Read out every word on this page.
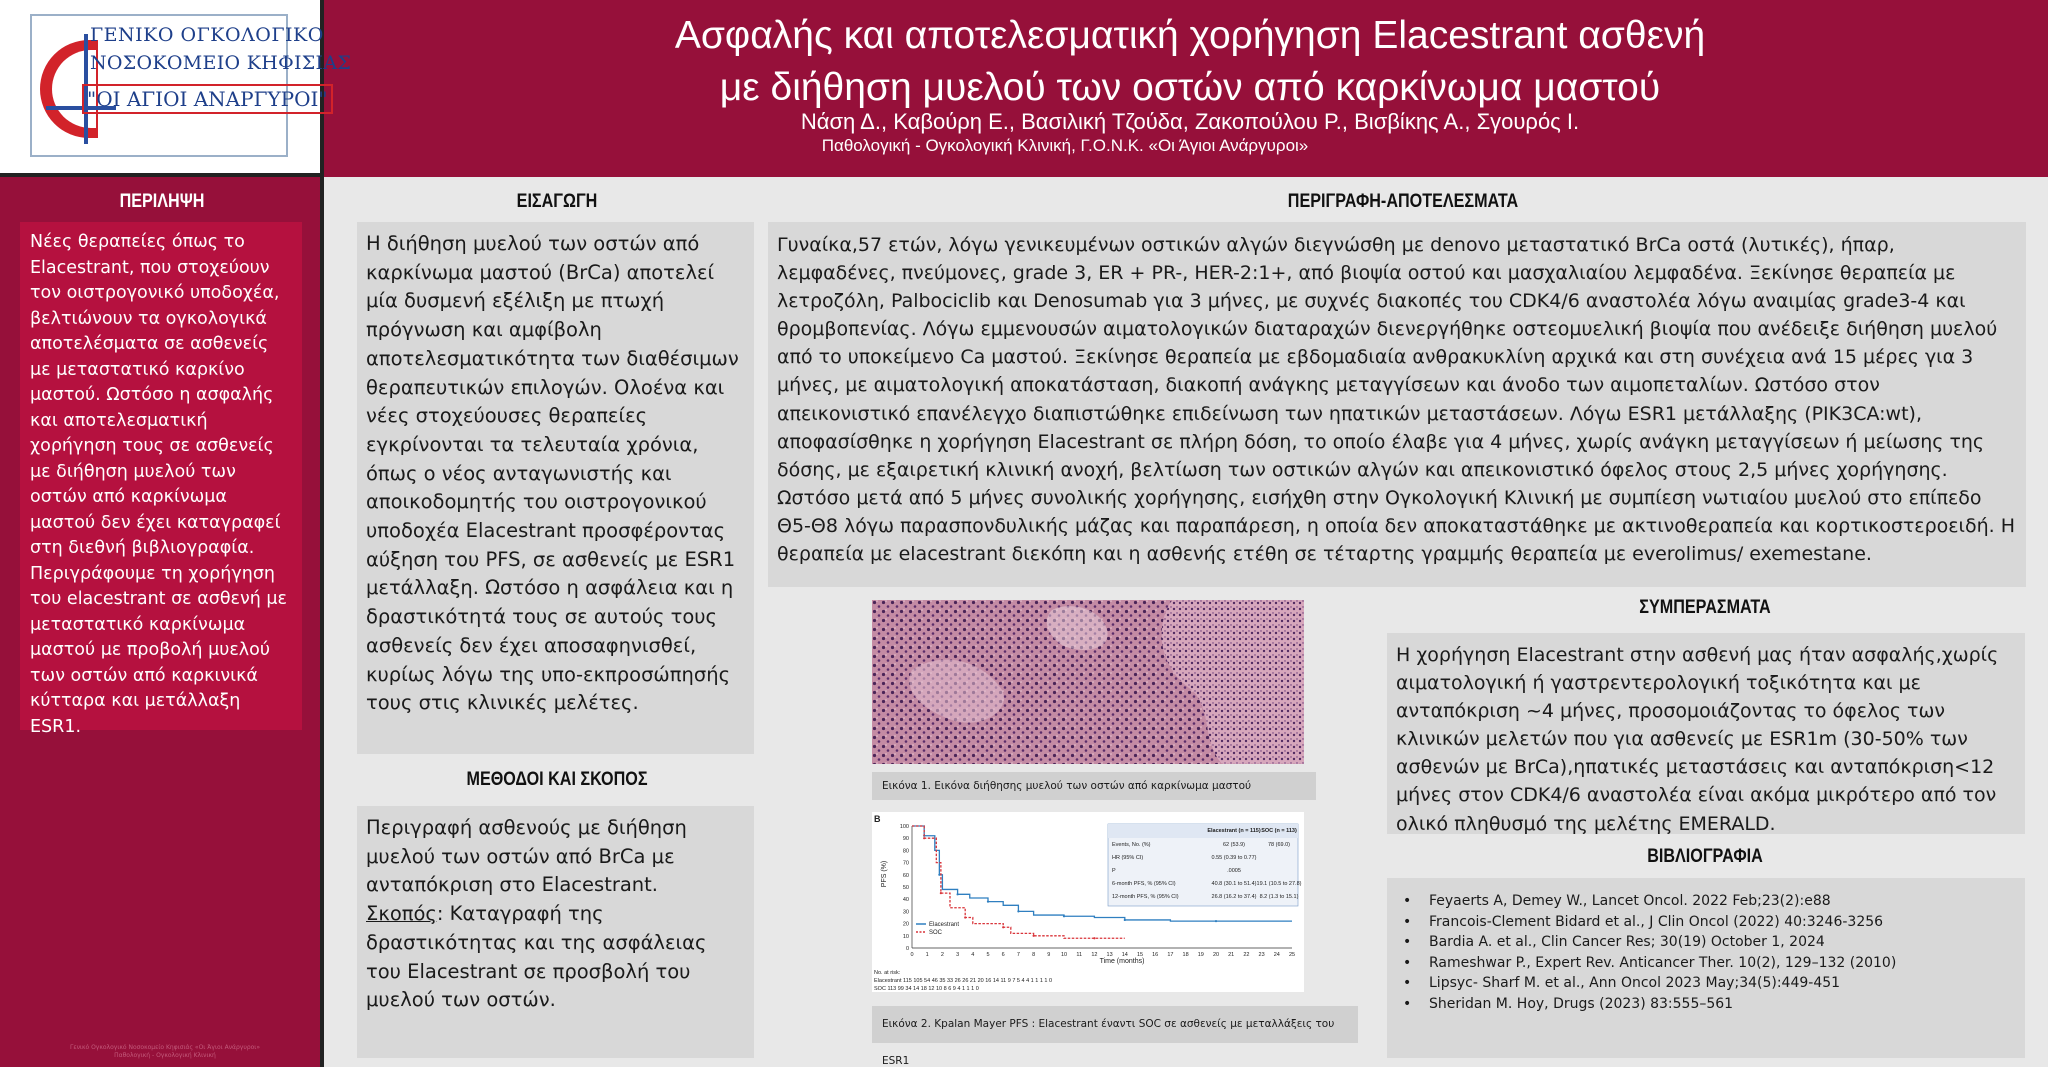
ΓΕΝΙΚΟ ΟΓΚΟΛΟΓΙΚΟ
ΝΟΣΟΚΟΜΕΙΟ ΚΗΦΙΣΙΑΣ
"ΟΙ ΑΓΙΟΙ ΑΝΑΡΓΥΡΟΙ"
Ασφαλής και αποτελεσματική χορήγηση Elacestrant ασθενή
με διήθηση μυελού των οστών από καρκίνωμα μαστού
Νάση Δ., Καβούρη Ε., Βασιλική Τζούδα, Ζακοπούλου Ρ., Βισβίκης Α., Σγουρός Ι.
Παθολογική - Ογκολογική Κλινική, Γ.Ο.Ν.Κ. «Οι Άγιοι Ανάργυροι»
ΠΕΡΙΛΗΨΗ
Νέες θεραπείες όπως το Elacestrant, που στοχεύουν τον οιστρογονικό υποδοχέα, βελτιώνουν τα ογκολογικά αποτελέσματα σε ασθενείς με μεταστατικό καρκίνο μαστού. Ωστόσο η ασφαλής και αποτελεσματική χορήγηση τους σε ασθενείς με διήθηση μυελού των οστών από καρκίνωμα μαστού δεν έχει καταγραφεί στη διεθνή βιβλιογραφία. Περιγράφουμε τη χορήγηση του elacestrant σε ασθενή με μεταστατικό καρκίνωμα μαστού με προβολή μυελού των οστών από καρκινικά κύτταρα και μετάλλαξη ESR1.
Γενικό Ογκολογικό Νοσοκομείο Κηφισιάς «Οι Άγιοι Ανάργυροι»
Παθολογική - Ογκολογική Κλινική
ΕΙΣΑΓΩΓΗ
Η διήθηση μυελού των οστών από καρκίνωμα μαστού (BrCa) αποτελεί μία δυσμενή εξέλιξη με πτωχή πρόγνωση και αμφίβολη αποτελεσματικότητα των διαθέσιμων θεραπευτικών επιλογών. Ολοένα και νέες στοχεύουσες θεραπείες εγκρίνονται τα τελευταία χρόνια, όπως ο νέος ανταγωνιστής και αποικοδομητής του οιστρογονικού υποδοχέα Elacestrant προσφέροντας αύξηση του PFS, σε ασθενείς με ESR1 μετάλλαξη. Ωστόσο η ασφάλεια και η δραστικότητά τους σε αυτούς τους ασθενείς δεν έχει αποσαφηνισθεί, κυρίως λόγω της υπο-εκπροσώπησής τους στις κλινικές μελέτες.
ΜΕΘΟΔΟΙ ΚΑΙ ΣΚΟΠΟΣ
Περιγραφή ασθενούς με διήθηση μυελού των οστών από BrCa με ανταπόκριση στο Elacestrant.
Σκοπός: Καταγραφή της δραστικότητας και της ασφάλειας του Elacestrant σε προσβολή του μυελού των οστών.
ΠΕΡΙΓΡΑΦΗ-ΑΠΟΤΕΛΕΣΜΑΤΑ
Γυναίκα,57 ετών, λόγω γενικευμένων οστικών αλγών διεγνώσθη με denovo μεταστατικό BrCa οστά (λυτικές), ήπαρ, λεμφαδένες, πνεύμονες, grade 3, ER + PR-, HER-2:1+, από βιοψία οστού και μασχαλιαίου λεμφαδένα. Ξεκίνησε θεραπεία με λετροζόλη, Palbociclib και Denosumab για 3 μήνες, με συχνές διακοπές του CDK4/6 αναστολέα λόγω αναιμίας grade3-4 και θρομβοπενίας. Λόγω εμμενουσών αιματολογικών διαταραχών διενεργήθηκε οστεομυελική βιοψία που ανέδειξε διήθηση μυελού από το υποκείμενο Ca μαστού. Ξεκίνησε θεραπεία με εβδομαδιαία ανθρακυκλίνη αρχικά και στη συνέχεια ανά 15 μέρες για 3 μήνες, με αιματολογική αποκατάσταση, διακοπή ανάγκης μεταγγίσεων και άνοδο των αιμοπεταλίων. Ωστόσο στον απεικονιστικό επανέλεγχο διαπιστώθηκε επιδείνωση των ηπατικών μεταστάσεων. Λόγω ESR1 μετάλλαξης (PIK3CA:wt), αποφασίσθηκε η χορήγηση Elacestrant σε πλήρη δόση, το οποίο έλαβε για 4 μήνες, χωρίς ανάγκη μεταγγίσεων ή μείωσης της δόσης, με εξαιρετική κλινική ανοχή, βελτίωση των οστικών αλγών και απεικονιστικό όφελος στους 2,5 μήνες χορήγησης. Ωστόσο μετά από 5 μήνες συνολικής χορήγησης, εισήχθη στην Ογκολογική Κλινική με συμπίεση νωτιαίου μυελού στο επίπεδο Θ5-Θ8 λόγω παρασπονδυλικής μάζας και παραπάρεση, η οποία δεν αποκαταστάθηκε με ακτινοθεραπεία και κορτικοστεροειδή. Η θεραπεία με elacestrant διεκόπη και η ασθενής ετέθη σε τέταρτης γραμμής θεραπεία με everolimus/ exemestane.
Εικόνα 1. Εικόνα διήθησης μυελού των οστών από καρκίνωμα μαστού
B
PFS (%)
Time (months)
0
10
20
30
40
50
60
70
80
90
100
0 1 2 3 4 5 6 7 8 9 10 11 12 13 14 15 16 17 18 19 20 21 22 23 24 25
Elacestrant
SOC
Elacestrant (n = 115) SOC (n = 113)
Events, No. (%)	62 (53.9)	78 (69.0)
HR (95% CI)	0.55 (0.39 to 0.77)
P	.0005
6-month PFS, % (95% CI)	40.8 (30.1 to 51.4) 19.1 (10.5 to 27.8)
12-month PFS, % (95% CI)	26.8 (16.2 to 37.4) 8.2 (1.3 to 15.1)
No. at risk:
Elacestrant 115 105 54 46 35 33 26 26 21 20 16 14 11 9 7 5 4 4 1 1 1 1 0
SOC 113 99 34 14 18 12 10 8 6 9 4 1 1 1 0
Εικόνα 2. Kpalan Mayer PFS : Elacestrant έναντι SOC σε ασθενείς με μεταλλάξεις του ESR1
ΣΥΜΠΕΡΑΣΜΑΤΑ
Η χορήγηση Elacestrant στην ασθενή μας ήταν ασφαλής,χωρίς αιματολογική ή γαστρεντερολογική τοξικότητα και με ανταπόκριση ~4 μήνες, προσομοιάζοντας το όφελος των κλινικών μελετών που για ασθενείς με ESR1m (30-50% των ασθενών με BrCa),ηπατικές μεταστάσεις και ανταπόκριση<12 μήνες στον CDK4/6 αναστολέα είναι ακόμα μικρότερο από τον ολικό πληθυσμό της μελέτης EMERALD.
ΒΙΒΛΙΟΓΡΑΦΙΑ
• Feyaerts A, Demey W., Lancet Oncol. 2022 Feb;23(2):e88
• Francois-Clement Bidard et al., J Clin Oncol (2022) 40:3246-3256
• Bardia A. et al., Clin Cancer Res; 30(19) October 1, 2024
• Rameshwar P., Expert Rev. Anticancer Ther. 10(2), 129–132 (2010)
• Lipsyc- Sharf M. et al., Ann Oncol 2023 May;34(5):449-451
• Sheridan M. Hoy, Drugs (2023) 83:555–561
